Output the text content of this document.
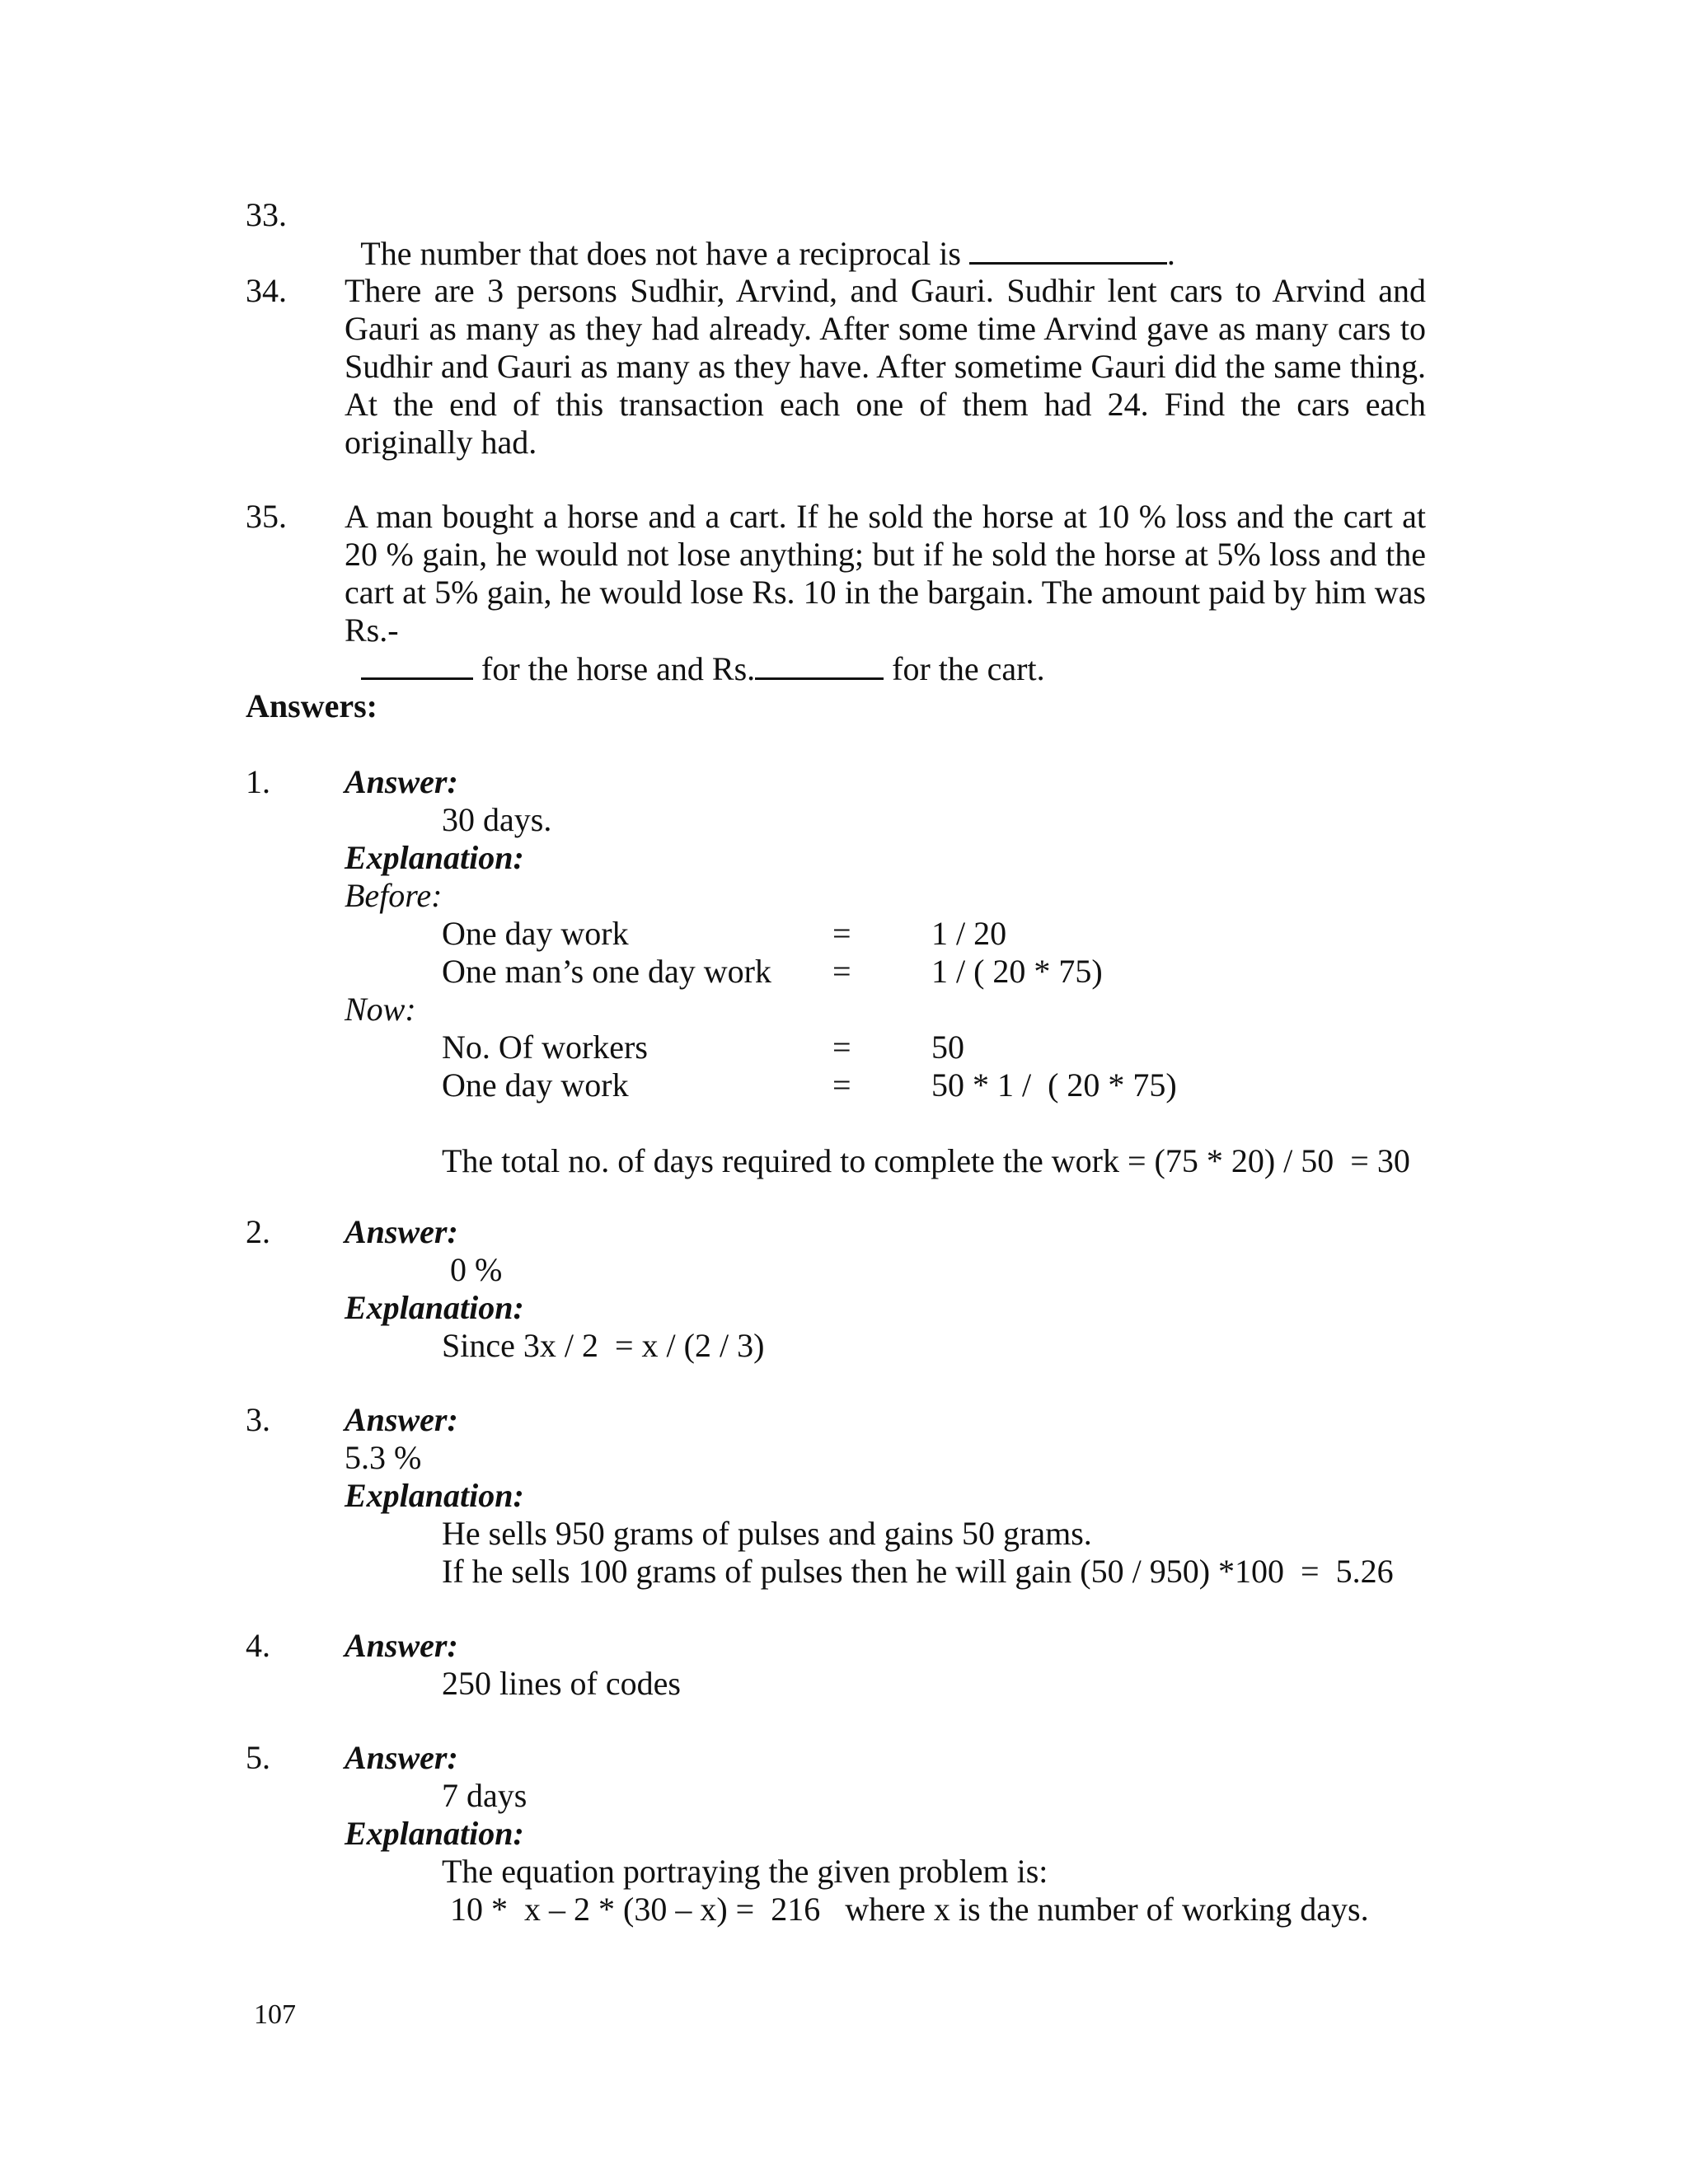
33.

The number that does not have a reciprocal is	.

34. There are 3 persons Sudhir, Arvind, and Gauri. Sudhir lent cars to Arvind and Gauri as many as they had already. After some time Arvind gave as many cars to Sudhir and Gauri as many as they have. After sometime Gauri did the same thing. At the end of this transaction each one of them had 24. Find the cars each originally had.

35. A man bought a horse and a cart. If he sold the horse at 10 % loss and the cart at 20 % gain, he would not lose anything; but if he sold the horse at 5% loss and the cart at 5% gain, he would lose Rs. 10 in the bargain. The amount paid by him was Rs.-

for the horse and Rs.	for the cart.

Answers:
1. Answer:
30 days.
Explanation:
Before:
One day work	= 1 / 20
One man’s one day work = 1 / ( 20 * 75)
Now:
No. Of workers	= 50
One day work	= 50 * 1 /  ( 20 * 75)
The total no. of days required to complete the work = (75 * 20) / 50  = 30
2. Answer:
0 %
Explanation:
Since 3x / 2  = x / (2 / 3)
3. Answer:
5.3 %
Explanation:
He sells 950 grams of pulses and gains 50 grams.
If he sells 100 grams of pulses then he will gain (50 / 950) *100  =  5.26
4. Answer:
250 lines of codes
5. Answer:
7 days
Explanation:
The equation portraying the given problem is:
10 *  x – 2 * (30 – x) =  216   where x is the number of working days.
107
